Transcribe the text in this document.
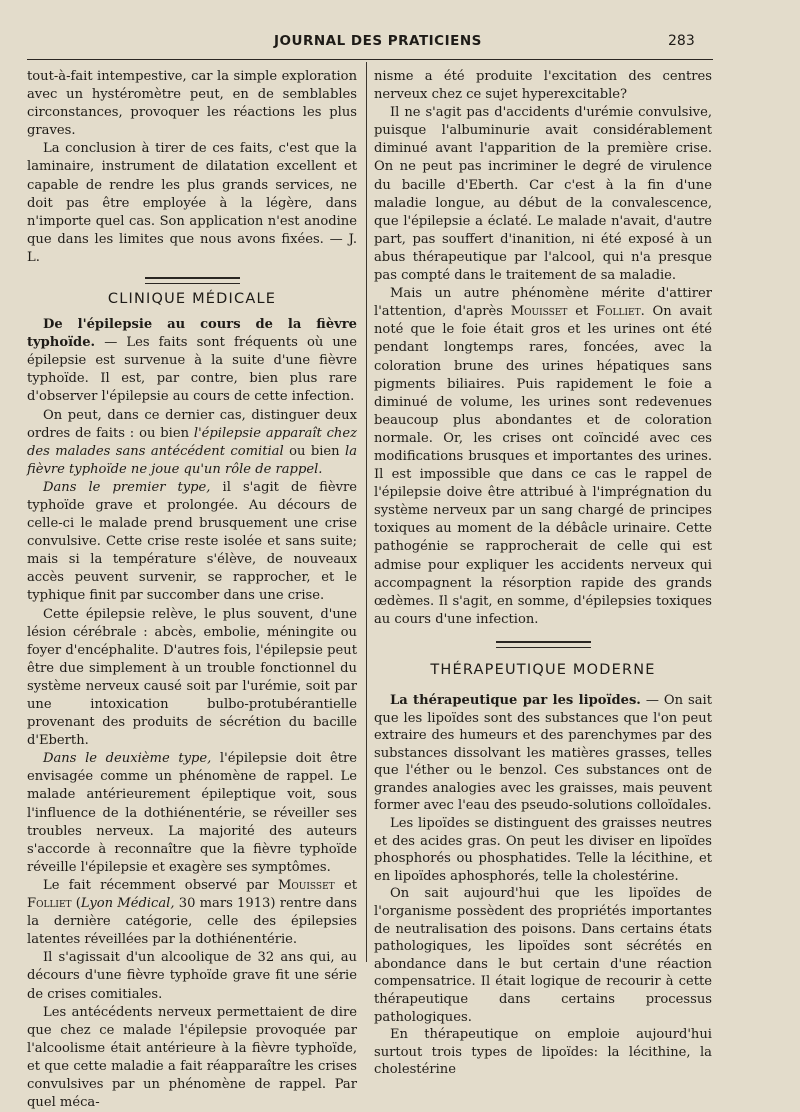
JOURNAL DES PRATICIENS	283

tout-à-fait intempestive, car la simple exploration avec un hystéromètre peut, en de semblables circonstances, provoquer les réactions les plus graves.

La conclusion à tirer de ces faits, c'est que la laminaire, instrument de dilatation excellent et capable de rendre les plus grands services, ne doit pas être employée à la légère, dans n'importe quel cas. Son application n'est anodine que dans les limites que nous avons fixées. — J. L.

CLINIQUE MÉDICALE

De l'épilepsie au cours de la fièvre typhoïde. — Les faits sont fréquents où une épilepsie est survenue à la suite d'une fièvre typhoïde. Il est, par contre, bien plus rare d'observer l'épilepsie au cours de cette infection.

On peut, dans ce dernier cas, distinguer deux ordres de faits : ou bien l'épilepsie apparaît chez des malades sans antécédent comitial ou bien la fièvre typhoïde ne joue qu'un rôle de rappel.

Dans le premier type, il s'agit de fièvre typhoïde grave et prolongée. Au décours de celle-ci le malade prend brusquement une crise convulsive. Cette crise reste isolée et sans suite; mais si la température s'élève, de nouveaux accès peuvent survenir, se rapprocher, et le typhique finit par succomber dans une crise.

Cette épilepsie relève, le plus souvent, d'une lésion cérébrale : abcès, embolie, méningite ou foyer d'encéphalite. D'autres fois, l'épilepsie peut être due simplement à un trouble fonctionnel du système nerveux causé soit par l'urémie, soit par une intoxication bulbo-protubérantielle provenant des produits de sécrétion du bacille d'Eberth.

Dans le deuxième type, l'épilepsie doit être envisagée comme un phénomène de rappel. Le malade antérieurement épileptique voit, sous l'influence de la dothiénentérie, se réveiller ses troubles nerveux. La majorité des auteurs s'accorde à reconnaître que la fièvre typhoïde réveille l'épilepsie et exagère ses symptômes.

Le fait récemment observé par Mouisset et Folliet (Lyon Médical, 30 mars 1913) rentre dans la dernière catégorie, celle des épilepsies latentes réveillées par la dothiénentérie.

Il s'agissait d'un alcoolique de 32 ans qui, au décours d'une fièvre typhoïde grave fit une série de crises comitiales.

Les antécédents nerveux permettaient de dire que chez ce malade l'épilepsie provoquée par l'alcoolisme était antérieure à la fièvre typhoïde, et que cette maladie a fait réapparaître les crises convulsives par un phénomène de rappel. Par quel méca-

nisme a été produite l'excitation des centres nerveux chez ce sujet hyperexcitable?

Il ne s'agit pas d'accidents d'urémie convulsive, puisque l'albuminurie avait considérablement diminué avant l'apparition de la première crise. On ne peut pas incriminer le degré de virulence du bacille d'Eberth. Car c'est à la fin d'une maladie longue, au début de la convalescence, que l'épilepsie a éclaté. Le malade n'avait, d'autre part, pas souffert d'inanition, ni été exposé à un abus thérapeutique par l'alcool, qui n'a presque pas compté dans le traitement de sa maladie.

Mais un autre phénomène mérite d'attirer l'attention, d'après Mouisset et Folliet. On avait noté que le foie était gros et les urines ont été pendant longtemps rares, foncées, avec la coloration brune des urines hépatiques sans pigments biliaires. Puis rapidement le foie a diminué de volume, les urines sont redevenues beaucoup plus abondantes et de coloration normale. Or, les crises ont coïncidé avec ces modifications brusques et importantes des urines. Il est impossible que dans ce cas le rappel de l'épilepsie doive être attribué à l'imprégnation du système nerveux par un sang chargé de principes toxiques au moment de la débâcle urinaire. Cette pathogénie se rapprocherait de celle qui est admise pour expliquer les accidents nerveux qui accompagnent la résorption rapide des grands œdèmes. Il s'agit, en somme, d'épilepsies toxiques au cours d'une infection.

THÉRAPEUTIQUE MODERNE

La thérapeutique par les lipoïdes. — On sait que les lipoïdes sont des substances que l'on peut extraire des humeurs et des parenchymes par des substances dissolvant les matières grasses, telles que l'éther ou le benzol. Ces substances ont de grandes analogies avec les graisses, mais peuvent former avec l'eau des pseudo-solutions colloïdales.

Les lipoïdes se distinguent des graisses neutres et des acides gras. On peut les diviser en lipoïdes phosphorés ou phosphatides. Telle la lécithine, et en lipoïdes aphosphorés, telle la cholestérine.

On sait aujourd'hui que les lipoïdes de l'organisme possèdent des propriétés importantes de neutralisation des poisons. Dans certains états pathologiques, les lipoïdes sont sécrétés en abondance dans le but certain d'une réaction compensatrice. Il était logique de recourir à cette thérapeutique dans certains processus pathologiques.

En thérapeutique on emploie aujourd'hui surtout trois types de lipoïdes: la lécithine, la cholestérine
